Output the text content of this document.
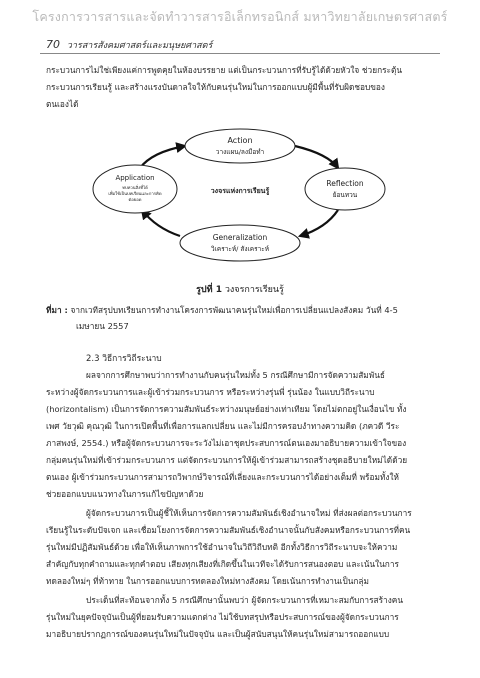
โครงการวารสารและจัดทำวารสารอิเล็กทรอนิกส์ มหาวิทยาลัยเกษตรศาสตร์
70 วารสารสังคมศาสตร์และมนุษยศาสตร์
กระบวนการไม่ใช่เพียงแค่การพูดคุยในห้องบรรยาย แต่เป็นกระบวนการที่รับรู้ได้ด้วยหัวใจ ช่วยกระตุ้น
กระบวนการเรียนรู้ และสร้างแรงบันดาลใจให้กับคนรุ่นใหม่ในการออกแบบผู้มีพื้นที่รับผิดชอบของ
ตนเองได้
Action
วางแผน/ลงมือทำ
Reflection
ย้อนทวน
Generalization
วิเคราะห์/ สังเคราะห์
Application
ทบทวนสิ่งที่ได้
เพื่อใช้เป็นบทเรียนและการคิด
ต่อยอด
วงจรแห่งการเรียนรู้
รูปที่ 1 วงจรการเรียนรู้
ที่มา : จากเวทีสรุปบทเรียนการทำงานโครงการพัฒนาคนรุ่นใหม่เพื่อการเปลี่ยนแปลงสังคม วันที่ 4-5
เมษายน 2557
2.3 วิธีการวิถีระนาบ
ผลจากการศึกษาพบว่าการทำงานกับคนรุ่นใหม่ทั้ง 5 กรณีศึกษามีการจัดความสัมพันธ์
ระหว่างผู้จัดกระบวนการและผู้เข้าร่วมกระบวนการ หรือระหว่างรุ่นพี่ รุ่นน้อง ในแบบวิถีระนาบ
(horizontalism) เป็นการจัดการความสัมพันธ์ระหว่างมนุษย์อย่างเท่าเทียม โดยไม่ตกอยู่ในเงื่อนไข ทั้ง
เพศ วัยวุฒิ คุณวุฒิ ในการเปิดพื้นที่เพื่อการแลกเปลี่ยน และไม่มีการครอบงำทางความคิด (ภควดี วีระ
ภาสพงษ์, 2554.) หรือผู้จัดกระบวนการจะระวังไม่เอาชุดประสบการณ์ตนเองมาอธิบายความเข้าใจของ
กลุ่มคนรุ่นใหม่ที่เข้าร่วมกระบวนการ แต่จัดกระบวนการให้ผู้เข้าร่วมสามารถสร้างชุดอธิบายใหม่ได้ด้วย
ตนเอง ผู้เข้าร่วมกระบวนการสามารถวิพากษ์วิจารณ์ที่เลี่ยงและกระบวนการได้อย่างเต็มที่ พร้อมทั้งให้
ช่วยออกแบบแนวทางในการแก้ไขปัญหาด้วย
ผู้จัดกระบวนการเป็นผู้ชี้ให้เห็นการจัดการความสัมพันธ์เชิงอำนาจใหม่ ที่ส่งผลต่อกระบวนการ
เรียนรู้ในระดับปัจเจก และเชื่อมโยงการจัดการความสัมพันธ์เชิงอำนาจนั้นกับสังคมหรือกระบวนการที่คน
รุ่นใหม่มีปฏิสัมพันธ์ด้วย เพื่อให้เห็นภาพการใช้อำนาจในวิถีวิถีบทติ อีกทั้งวิธีการวิถีระนาบจะให้ความ
สำคัญกับทุกคำถามและทุกคำตอบ เสียงทุกเสียงที่เกิดขึ้นในเวทีจะได้รับการสนองตอบ และเน้นในการ
ทดลองใหม่ๆ ที่ท้าทาย ในการออกแบบการทดลองใหม่ทางสังคม โดยเน้นการทำงานเป็นกลุ่ม
ประเด็นที่สะท้อนจากทั้ง 5 กรณีศึกษานั้นพบว่า ผู้จัดกระบวนการที่เหมาะสมกับการสร้างคน
รุ่นใหม่ในยุคปัจจุบันเป็นผู้ที่ยอมรับความแตกต่าง ไม่ใช้บทสรุปหรือประสบการณ์ของผู้จัดกระบวนการ
มาอธิบายปรากฏการณ์ของคนรุ่นใหม่ในปัจจุบัน และเป็นผู้สนับสนุนให้คนรุ่นใหม่สามารถออกแบบ
